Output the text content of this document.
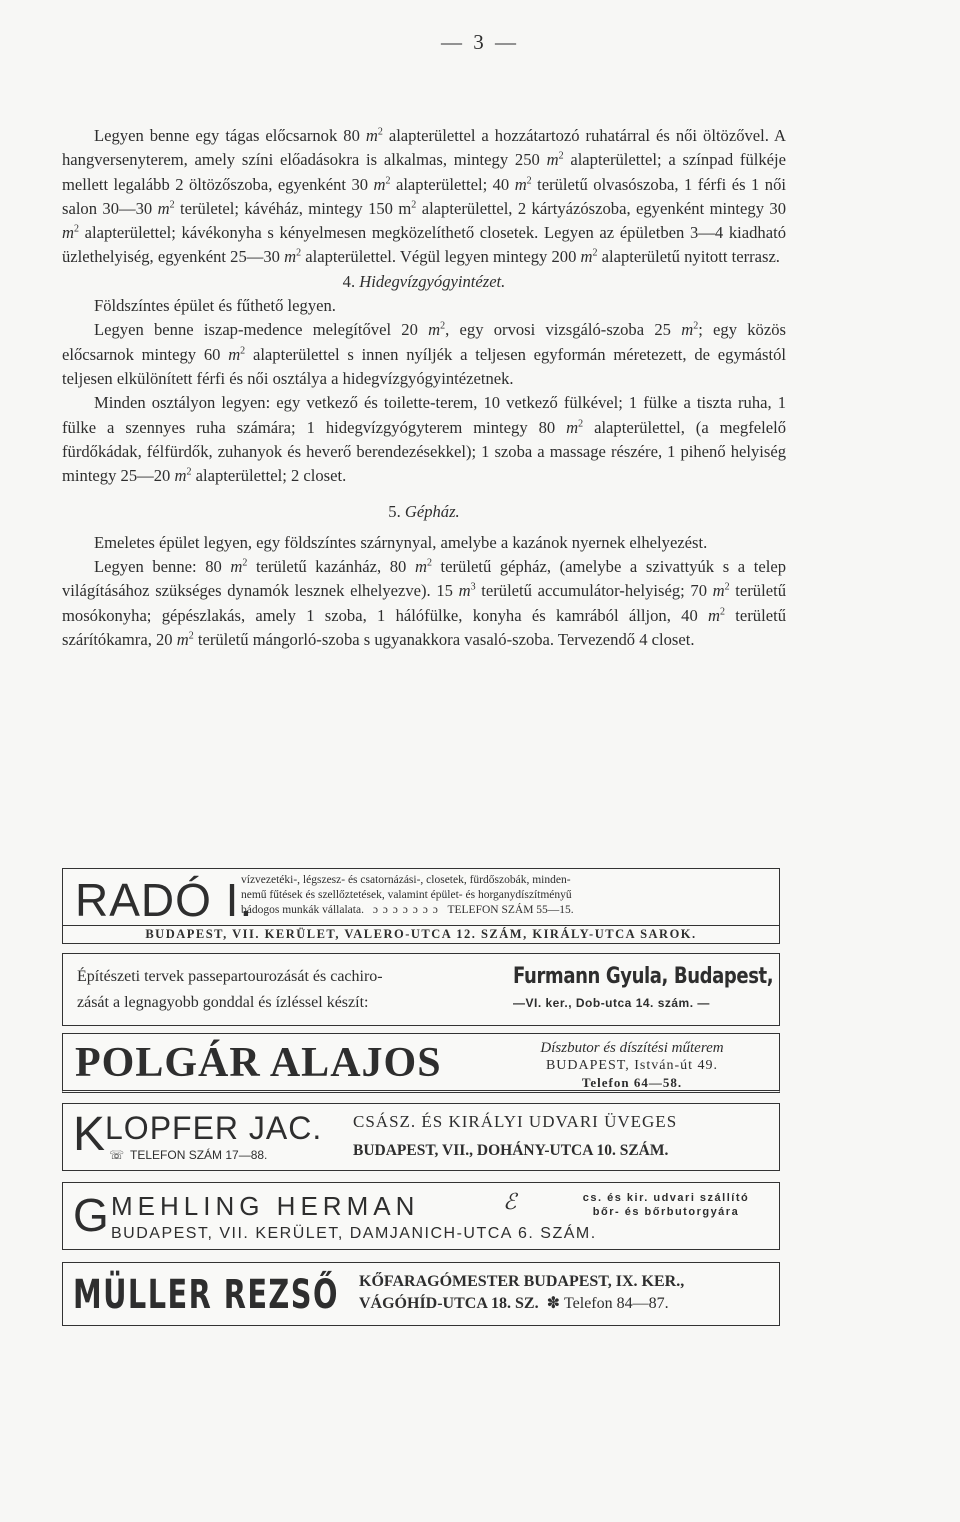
— 3 —

Legyen benne egy tágas előcsarnok 80 $m^2$ alapterülettel a hozzátartozó ruhatárral és női öltözővel. A hangversenyterem, amely színi előadásokra is alkalmas, mintegy 250 $m^2$ alapterülettel; a színpad fülkéje mellett legalább 2 öltözőszoba, egyenként 30 $m^2$ alapterülettel; 40 $m^2$ területű olvasószoba, 1 férfi és 1 női salon 30—30 $m^2$ területel; kávéház, mintegy 150 $m^2$ alapterülettel, 2 kártyázószoba, egyenként mintegy 30 $m^2$ alapterülettel; kávékonyha s kényelmesen megközelíthető closetek. Legyen az épületben 3—4 kiadható üzlethelyiség, egyenként 25—30 $m^2$ alapterülettel. Végül legyen mintegy 200 $m^2$ alapterületű nyitott terrasz.

4. Hidegvízgyógyintézet.

Földszíntes épület és fűthető legyen.

Legyen benne iszap-medence melegítővel 20 $m^2$, egy orvosi vizsgáló-szoba 25 $m^2$; egy közös előcsarnok mintegy 60 $m^2$ alapterülettel s innen nyíljék a teljesen egyformán méretezett, de egymástól teljesen elkülönített férfi és női osztálya a hidegvízgyógyintézetnek.

Minden osztályon legyen: egy vetkező és toilette-terem, 10 vetkező fülkével; 1 fülke a tiszta ruha, 1 fülke a szennyes ruha számára; 1 hidegvízgyógyterem mintegy 80 $m^2$ alapterülettel, (a megfelelő fürdőkádak, félfürdők, zuhanyok és heverő berendezésekkel); 1 szoba a massage részére, 1 pihenő helyiség mintegy 25—20 $m^2$ alapterülettel; 2 closet.

5. Gépház.

Emeletes épület legyen, egy földszíntes szárnynyal, amelybe a kazánok nyernek elhelyezést.

Legyen benne: 80 $m^2$ területű kazánház, 80 $m^2$ területű gépház, (amelybe a szivattyúk s a telep világításához szükséges dynamók lesznek elhelyezve). 15 $m^3$ területű accumulátor-helyiség; 70 $m^2$ területű mosókonyha; gépészlakás, amely 1 szoba, 1 hálófülke, konyha és kamrából álljon, 40 $m^2$ területű szárítókamra, 20 $m^2$ területű mángorló-szoba s ugyanakkora vasaló-szoba. Tervezendő 4 closet.

RADÓ I.
vízvezetéki-, légszesz- és csatornázási-, closetek, fürdőszobák, minden-
nemű fűtések és szellőztetések, valamint épület- és horganydíszítményű
bádogos munkák vállalata. ɔ ɔ ɔ ɔ ɔ ɔ ɔ TELEFON SZÁM 55—15.
BUDAPEST, VII. KERÜLET, VALERO-UTCA 12. SZÁM, KIRÁLY-UTCA SAROK.
Építészeti tervek passepartourozását és cachiro-
zását a legnagyobb gonddal és ízléssel készít:
Furmann Gyula, Budapest,
—VI. ker., Dob-utca 14. szám. —
POLGÁR ALAJOS	Díszbutor és díszítési műterem
BUDAPEST, István-út 49.
Telefon 64—58.
K LOPFER JAC.
☏ TELEFON SZÁM 17—88.
CSÁSZ. ÉS KIRÁLYI UDVARI ÜVEGES
BUDAPEST, VII., DOHÁNY-UTCA 10. SZÁM.
G MEHLING HERMAN	ℰ	cs. és kir. udvari szállító
bőr- és bőrbutorgyára
BUDAPEST, VII. KERÜLET, DAMJANICH-UTCA 6. SZÁM.
MÜLLER REZSŐ KŐFARAGÓMESTER BUDAPEST, IX. KER.,
VÁGÓHÍD-UTCA 18. SZ. ✽ Telefon 84—87.
